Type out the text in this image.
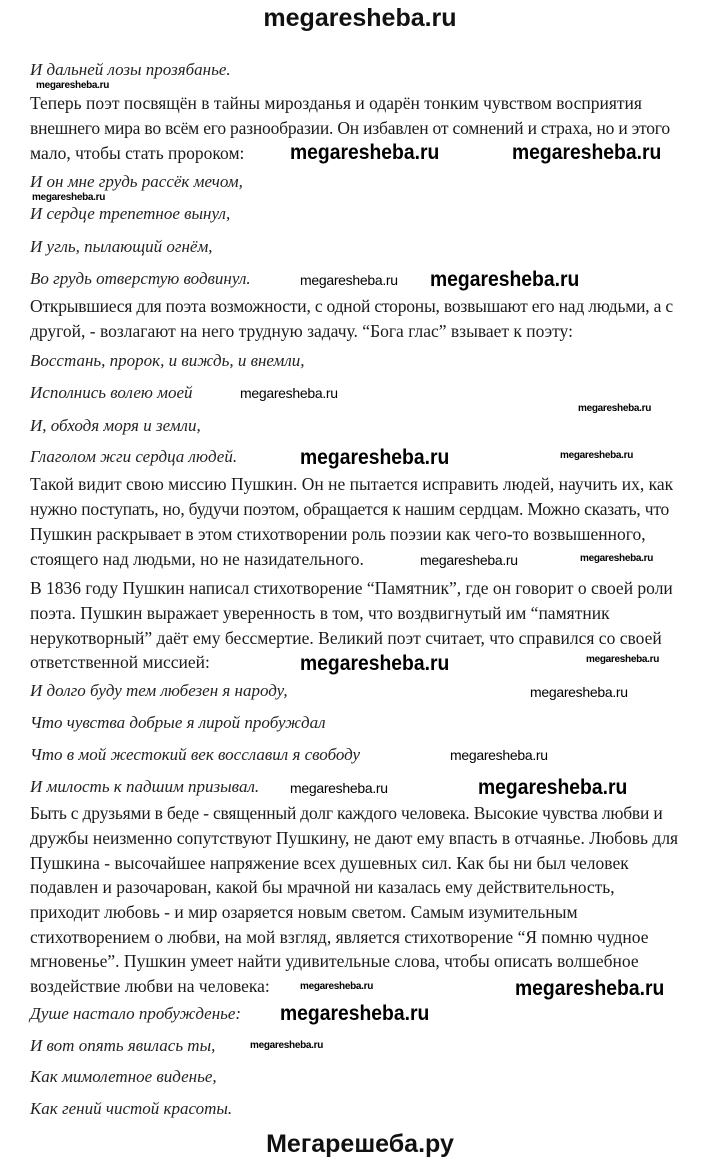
megaresheba.ru
И дальней лозы прозябанье.
Теперь поэт посвящён в тайны мирозданья и одарён тонким чувством восприятия
внешнего мира во всём его разнообразии. Он избавлен от сомнений и страха, но и этого
мало, чтобы стать пророком:
И он мне грудь рассёк мечом,
И сердце трепетное вынул,
И угль, пылающий огнём,
Во грудь отверстую водвинул.
Открывшиеся для поэта возможности, с одной стороны, возвышают его над людьми, а с
другой, - возлагают на него трудную задачу. “Бога глас” взывает к поэту:
Восстань, пророк, и виждь, и внемли,
Исполнись волею моей
И, обходя моря и земли,
Глаголом жги сердца людей.
Такой видит свою миссию Пушкин. Он не пытается исправить людей, научить их, как
нужно поступать, но, будучи поэтом, обращается к нашим сердцам. Можно сказать, что
Пушкин раскрывает в этом стихотворении роль поэзии как чего-то возвышенного,
стоящего над людьми, но не назидательного.
В 1836 году Пушкин написал стихотворение “Памятник”, где он говорит о своей роли
поэта. Пушкин выражает уверенность в том, что воздвигнутый им “памятник
нерукотворный” даёт ему бессмертие. Великий поэт считает, что справился со своей
ответственной миссией:
И долго буду тем любезен я народу,
Что чувства добрые я лирой пробуждал
Что в мой жестокий век восславил я свободу
И милость к падшим призывал.
Быть с друзьями в беде - священный долг каждого человека. Высокие чувства любви и
дружбы неизменно сопутствуют Пушкину, не дают ему впасть в отчаянье. Любовь для
Пушкина - высочайшее напряжение всех душевных сил. Как бы ни был человек
подавлен и разочарован, какой бы мрачной ни казалась ему действительность,
приходит любовь - и мир озаряется новым светом. Самым изумительным
стихотворением о любви, на мой взгляд, является стихотворение “Я помню чудное
мгновенье”. Пушкин умеет найти удивительные слова, чтобы описать волшебное
воздействие любви на человека:
Душе настало пробужденье:
И вот опять явилась ты,
Как мимолетное виденье,
Как гений чистой красоты.
megaresheba.ru
megaresheba.ru	megaresheba.ru
megaresheba.ru
megaresheba.ru megaresheba.ru
megaresheba.ru
megaresheba.ru
megaresheba.ru	megaresheba.ru
megaresheba.ru
megaresheba.ru
megaresheba.ru	megaresheba.ru
megaresheba.ru
megaresheba.ru	megaresheba.ru
megaresheba.ru
megaresheba.ru	megaresheba.ru
megaresheba.ru
megaresheba.ru
Мегарешеба.ру
